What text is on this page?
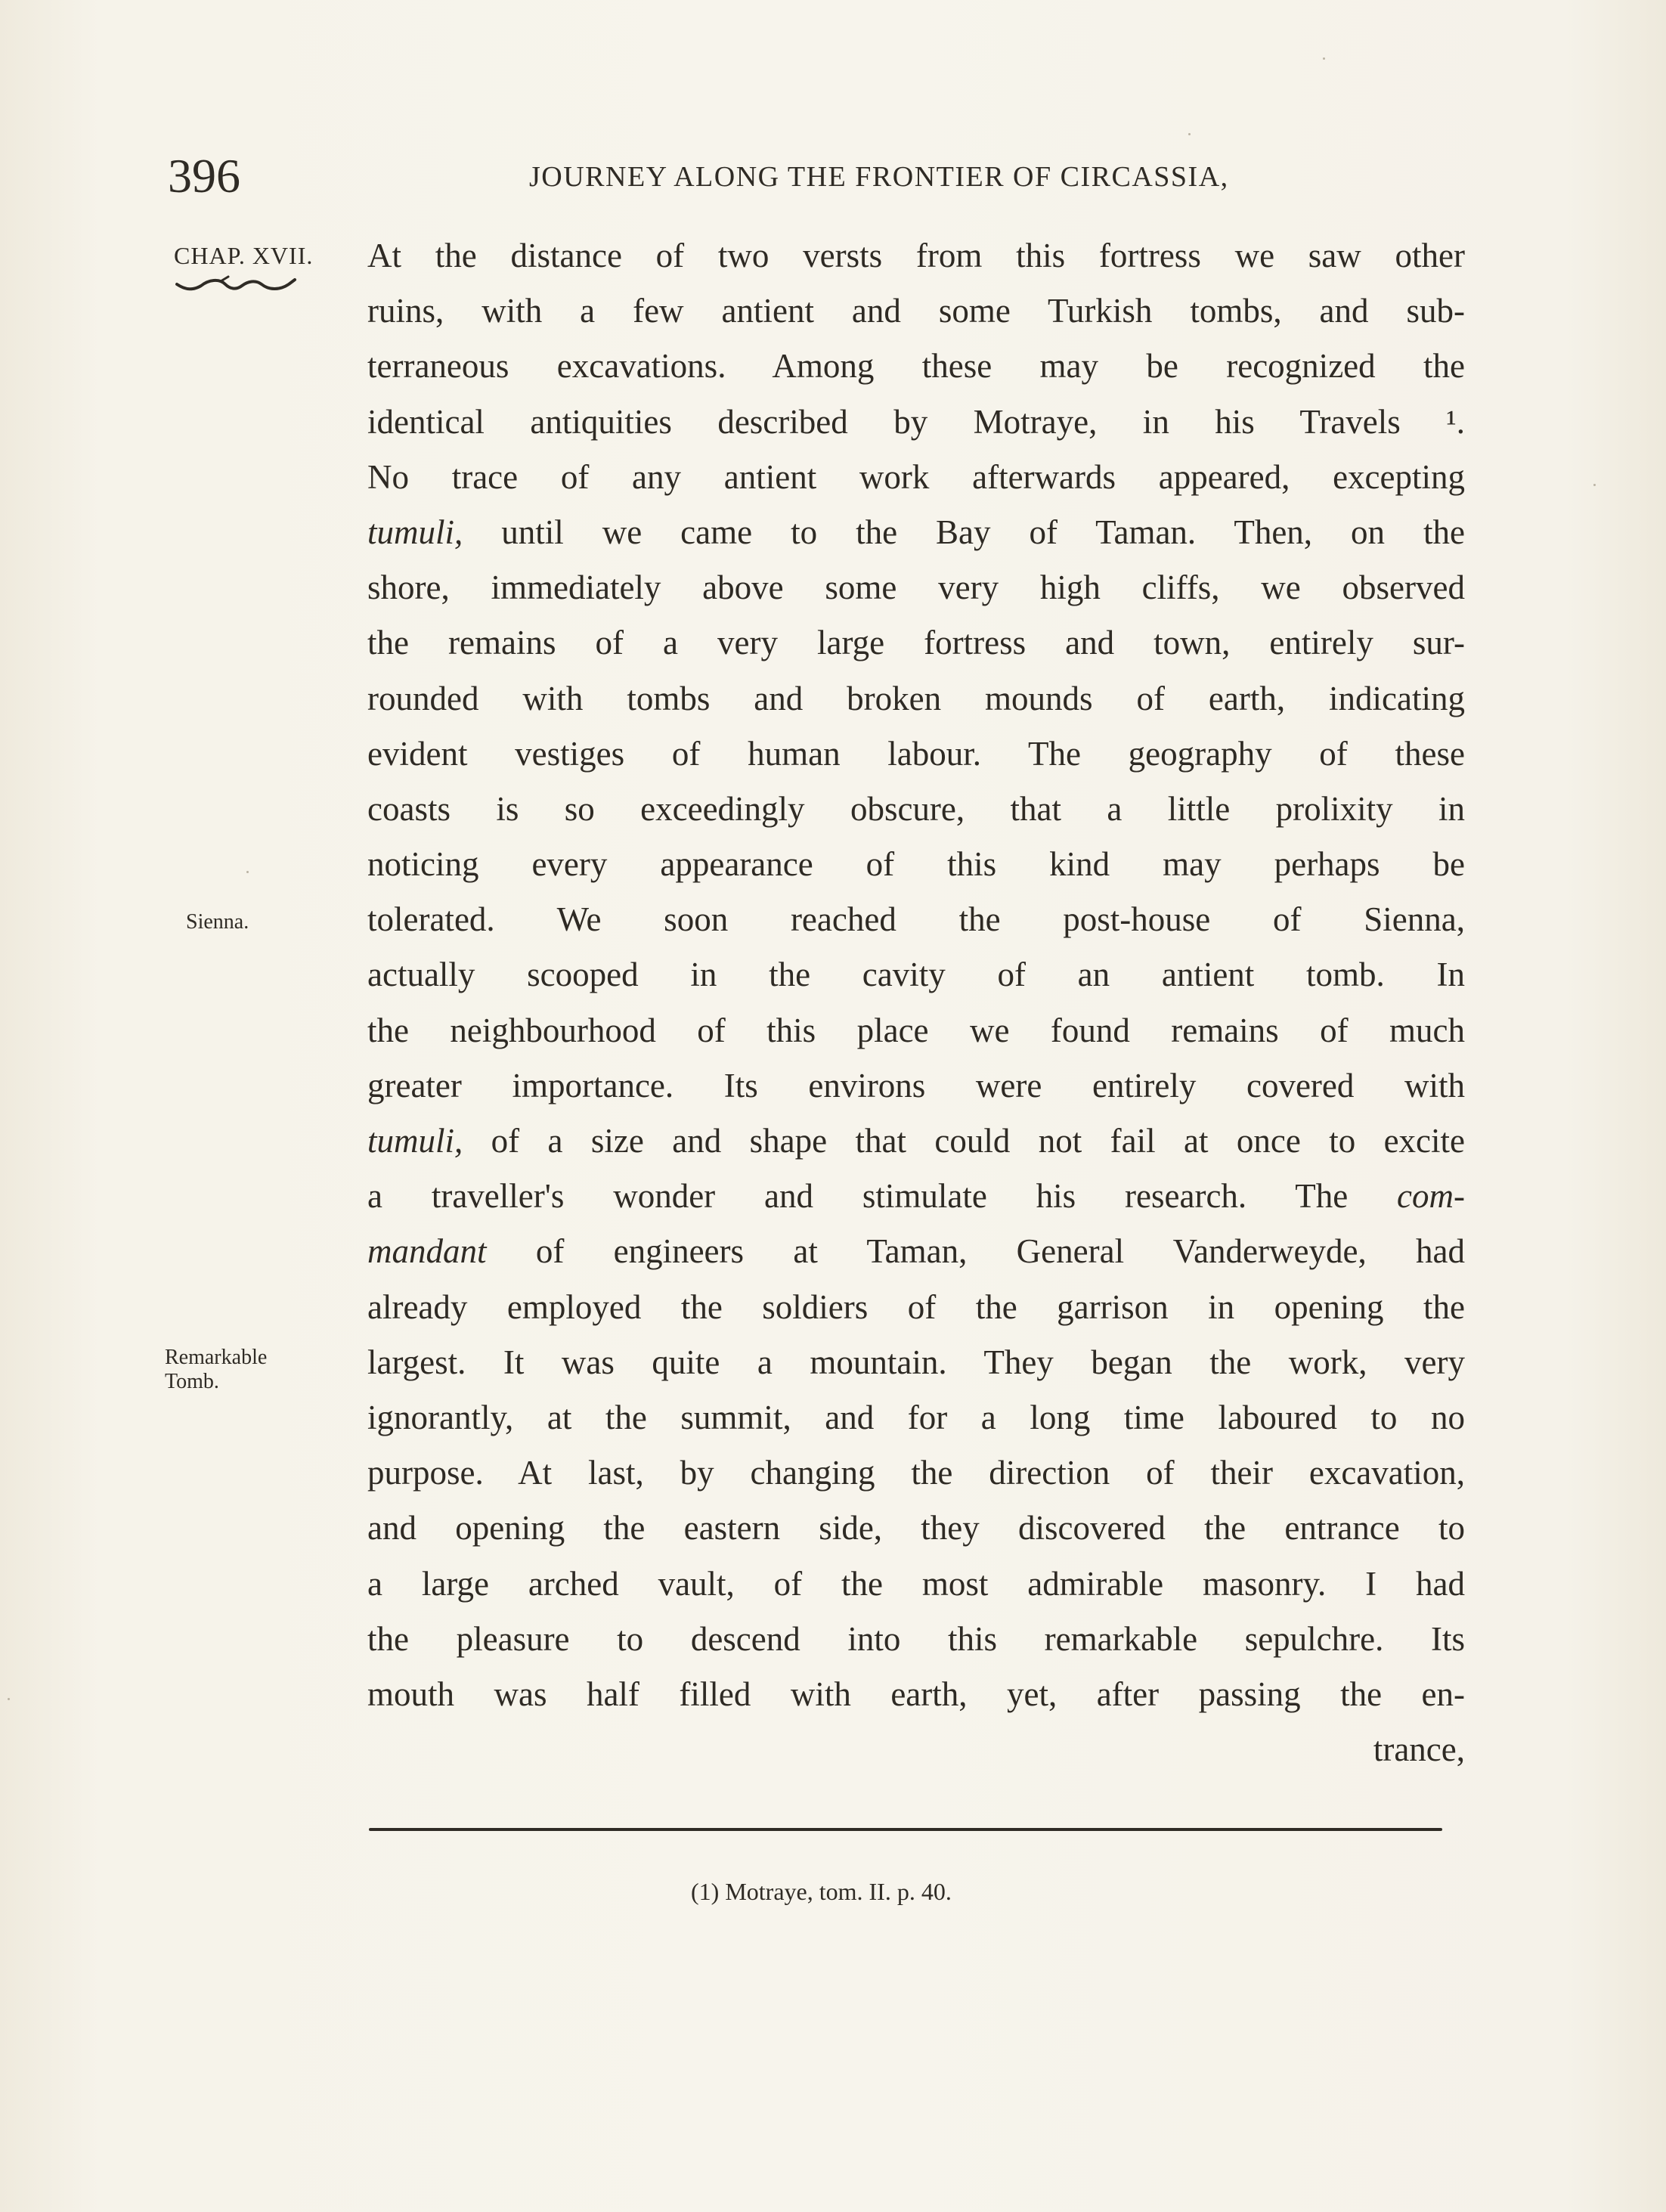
396	JOURNEY ALONG THE FRONTIER OF CIRCASSIA,
CHAP. XVII.
Sienna.
Remarkable
Tomb.
At the distance of two versts from this fortress we saw other
ruins, with a few antient and some Turkish tombs, and sub-
terraneous excavations. Among these may be recognized the
identical antiquities described by Motraye, in his Travels ¹.
No trace of any antient work afterwards appeared, excepting
tumuli, until we came to the Bay of Taman. Then, on the
shore, immediately above some very high cliffs, we observed
the remains of a very large fortress and town, entirely sur-
rounded with tombs and broken mounds of earth, indicating
evident vestiges of human labour. The geography of these
coasts is so exceedingly obscure, that a little prolixity in
noticing every appearance of this kind may perhaps be
tolerated. We soon reached the post-house of Sienna,
actually scooped in the cavity of an antient tomb. In
the neighbourhood of this place we found remains of much
greater importance. Its environs were entirely covered with
tumuli, of a size and shape that could not fail at once to excite
a traveller's wonder and stimulate his research. The com-
mandant of engineers at Taman, General Vanderweyde, had
already employed the soldiers of the garrison in opening the
largest. It was quite a mountain. They began the work, very
ignorantly, at the summit, and for a long time laboured to no
purpose. At last, by changing the direction of their excavation,
and opening the eastern side, they discovered the entrance to
a large arched vault, of the most admirable masonry. I had
the pleasure to descend into this remarkable sepulchre. Its
mouth was half filled with earth, yet, after passing the en-
trance,
(1) Motraye, tom. II. p. 40.
